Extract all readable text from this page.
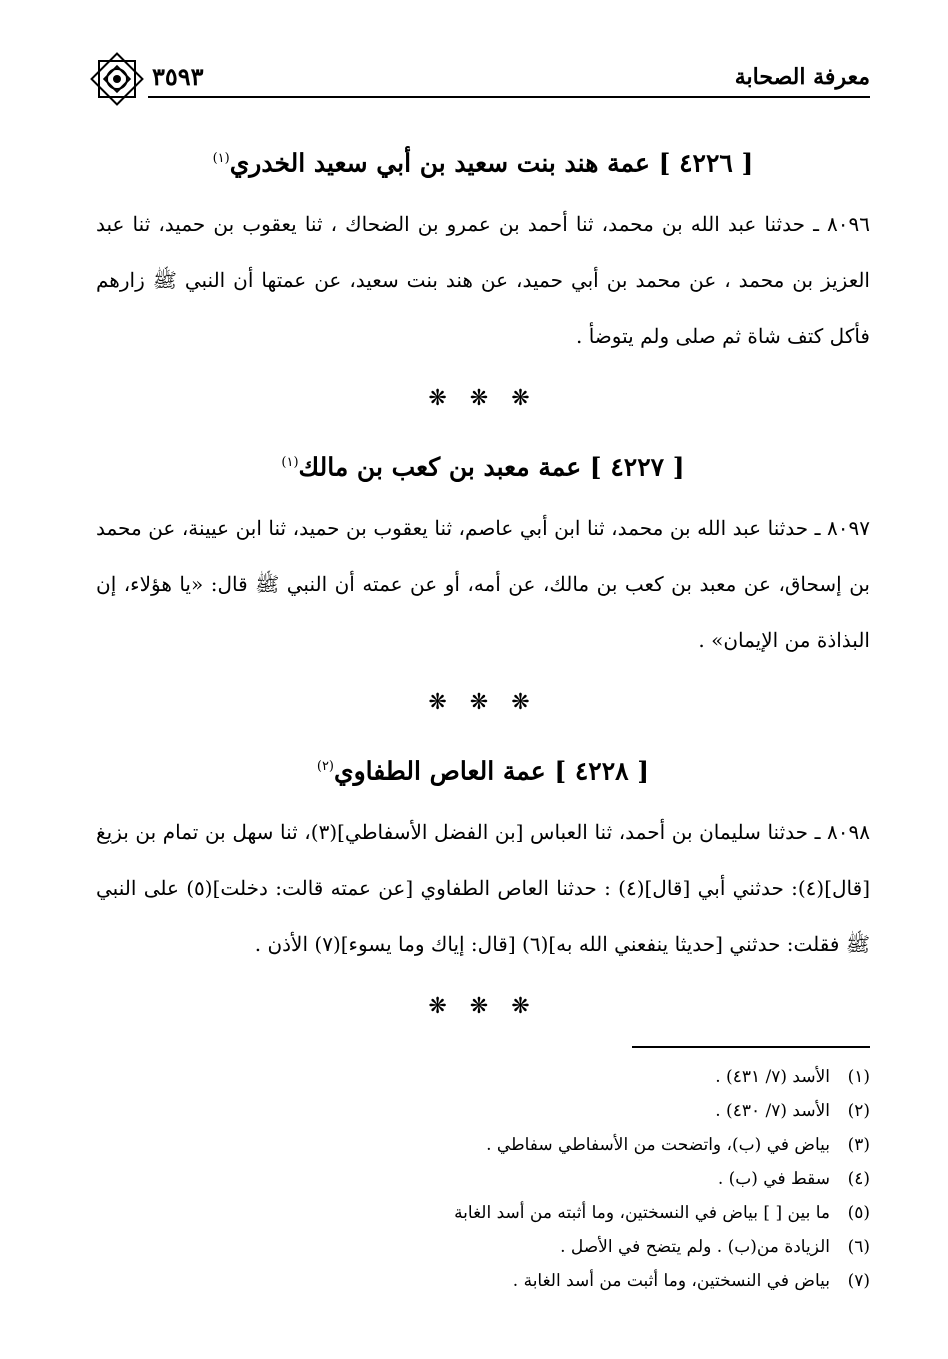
معرفة الصحابة
٣٥٩٣
[ ٤٢٢٦ ] عمة هند بنت سعيد بن أبي سعيد الخدري$^{(١)}$

٨٠٩٦ ـ حدثنا عبد الله بن محمد، ثنا أحمد بن عمرو بن الضحاك ، ثنا يعقوب بن حميد، ثنا عبد العزيز بن محمد ، عن محمد بن أبي حميد، عن هند بنت سعيد، عن عمتها أن النبي ﷺ زارهم فأكل كتف شاة ثم صلى ولم يتوضأ .

❋ ❋ ❋
[ ٤٢٢٧ ] عمة معبد بن كعب بن مالك$^{(١)}$

٨٠٩٧ ـ حدثنا عبد الله بن محمد، ثنا ابن أبي عاصم، ثنا يعقوب بن حميد، ثنا ابن عيينة، عن محمد بن إسحاق، عن معبد بن كعب بن مالك، عن أمه، أو عن عمته أن النبي ﷺ قال: «يا هؤلاء، إن البذاذة من الإيمان» .

❋ ❋ ❋
[ ٤٢٢٨ ] عمة العاص الطفاوي$^{(٢)}$

٨٠٩٨ ـ حدثنا سليمان بن أحمد، ثنا العباس [بن الفضل الأسفاطي](٣)، ثنا سهل بن تمام بن بزيغ [قال](٤): حدثني أبي [قال](٤) : حدثنا العاص الطفاوي [عن عمته قالت: دخلت](٥) على النبي ﷺ فقلت: حدثني [حديثا ينفعني الله به](٦) [قال: إياك وما يسوء](٧) الأذن .

❋ ❋ ❋
(١)
الأسد (٧/ ٤٣١) .
(٢)
الأسد (٧/ ٤٣٠) .
(٣)
بياض في (ب)، واتضحت من الأسفاطي سفاطي .
(٤)
سقط في (ب) .
(٥)
ما بين [ ] بياض في النسختين، وما أثبته من أسد الغابة
(٦)
الزيادة من(ب) . ولم يتضح في الأصل .
(٧)
بياض في النسختين، وما أثبت من أسد الغابة .
